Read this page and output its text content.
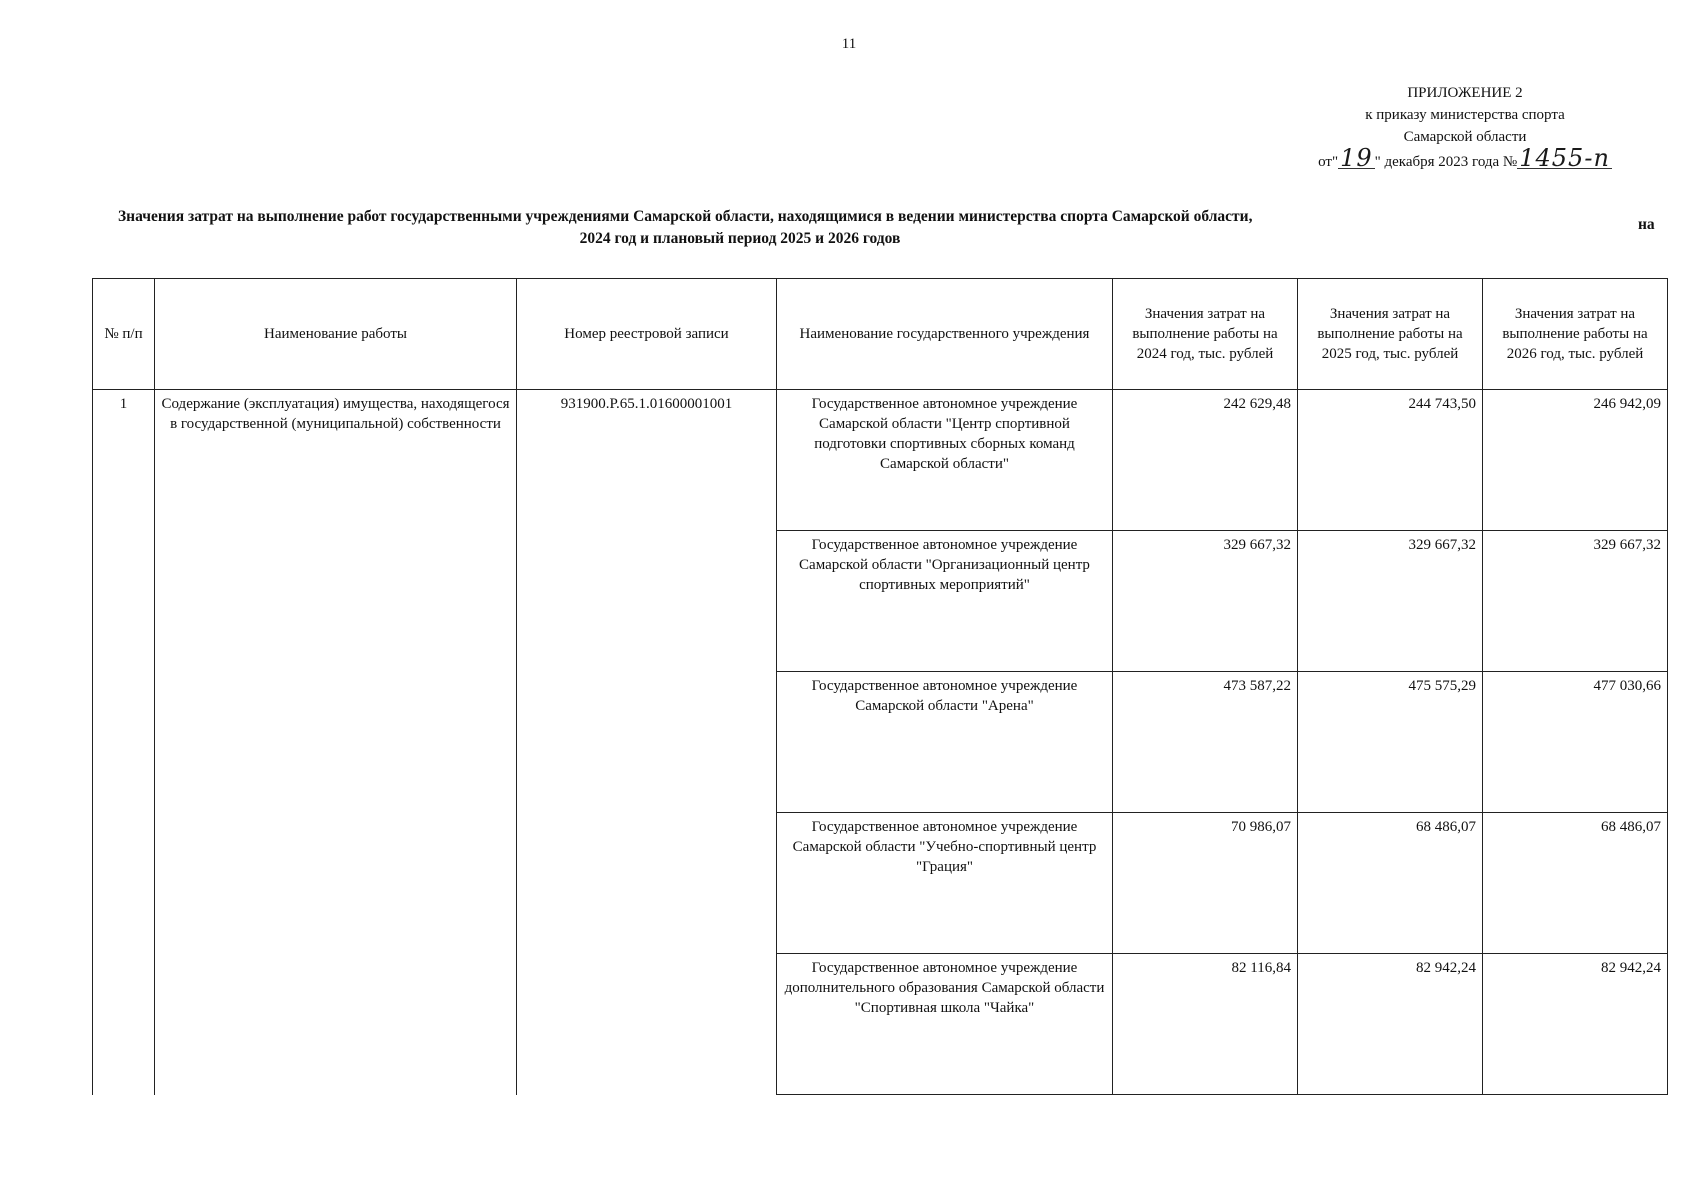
11
ПРИЛОЖЕНИЕ 2
к приказу министерства спорта
Самарской области
от"19 " декабря 2023 года №1455-п
Значения затрат на выполнение работ государственными учреждениями Самарской области, находящимися в ведении министерства спорта Самарской области,	на
2024 год и плановый период 2025 и 2026 годов
№ п/п	Наименование работы	Номер реестровой записи	Наименование государственного учреждения	Значения затрат на выполнение работы на 2024 год, тыс. рублей	Значения затрат на выполнение работы на 2025 год, тыс. рублей	Значения затрат на выполнение работы на 2026 год, тыс. рублей
1	Содержание (эксплуатация) имущества, находящегося в государственной (муниципальной) собственности	931900.Р.65.1.01600001001	Государственное автономное учреждение Самарской области "Центр спортивной подготовки спортивных сборных команд Самарской области"	242 629,48	244 743,50	246 942,09
			Государственное автономное учреждение Самарской области "Организационный центр спортивных мероприятий"	329 667,32	329 667,32	329 667,32
			Государственное автономное учреждение Самарской области "Арена"	473 587,22	475 575,29	477 030,66
			Государственное автономное учреждение Самарской области "Учебно-спортивный центр "Грация"	70 986,07	68 486,07	68 486,07
			Государственное автономное учреждение дополнительного образования Самарской области "Спортивная школа "Чайка"	82 116,84	82 942,24	82 942,24
